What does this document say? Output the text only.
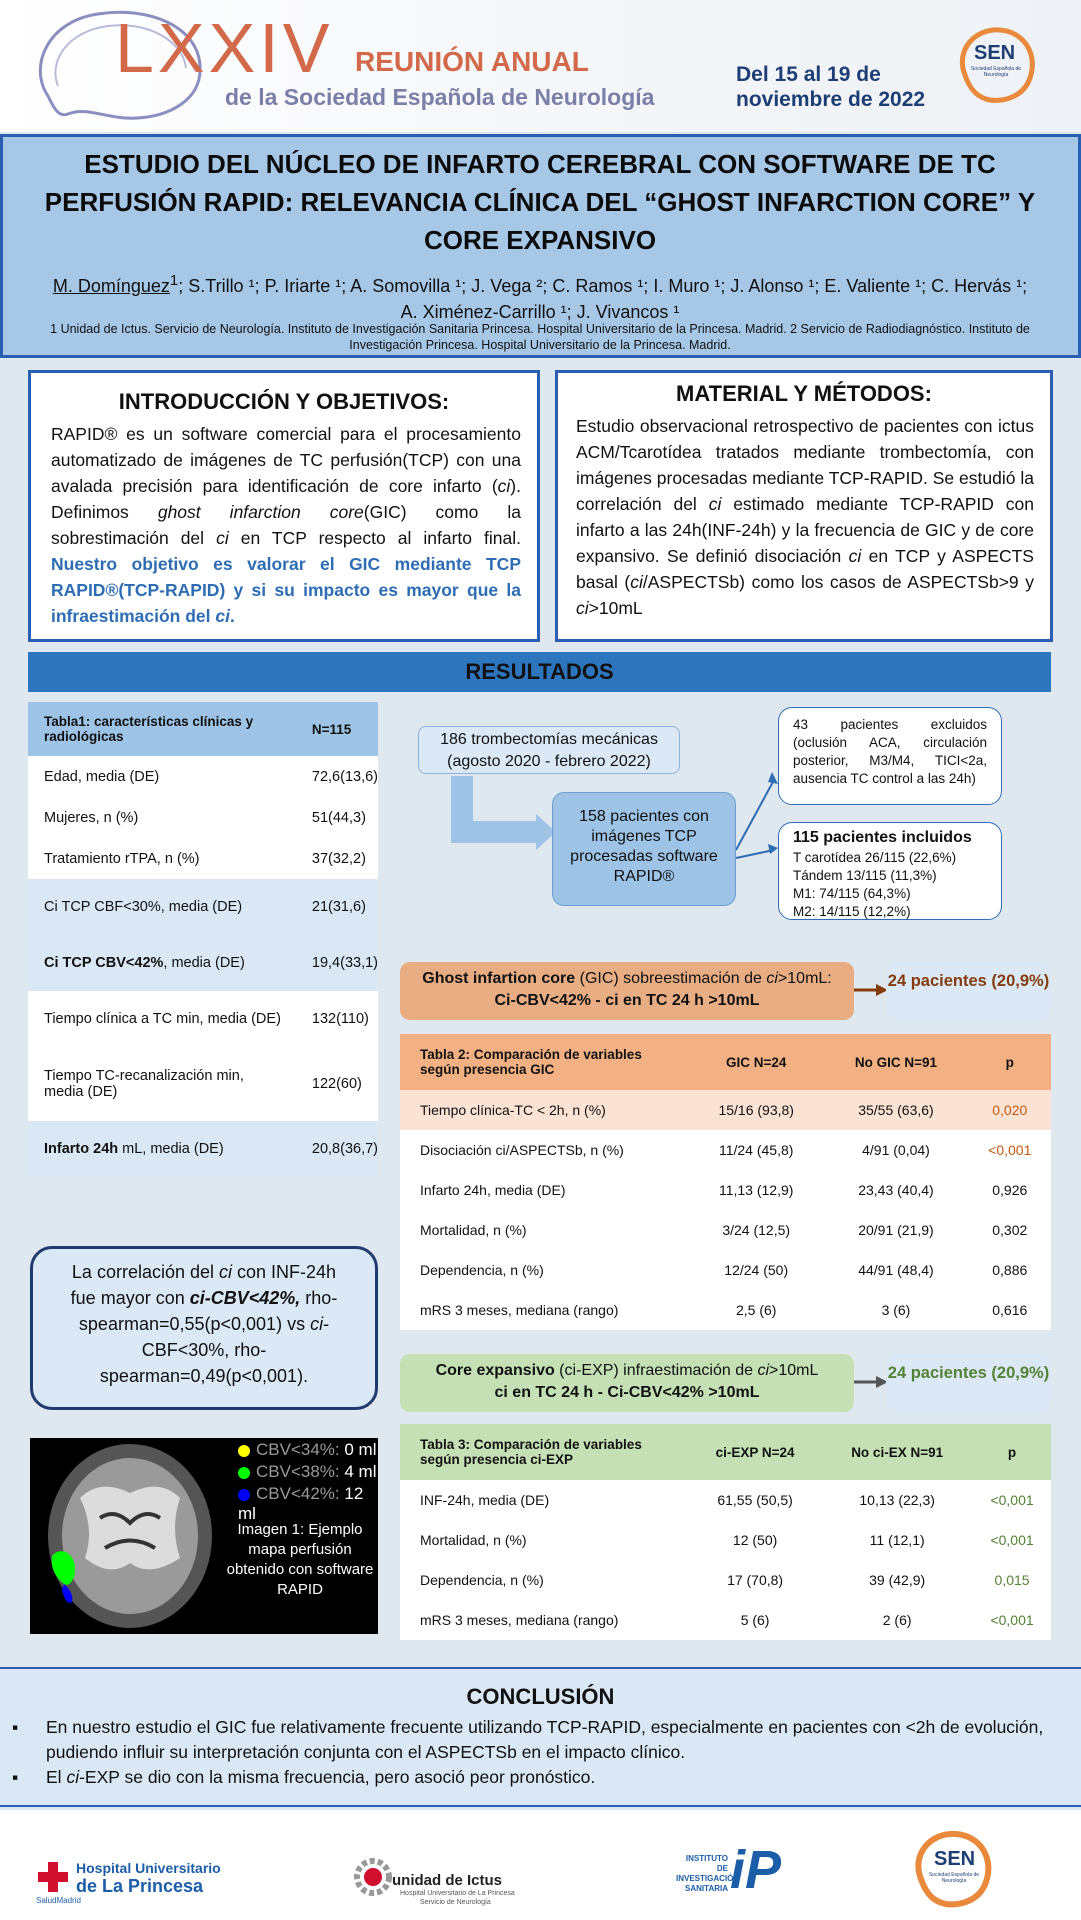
LXXIV REUNIÓN ANUAL
de la Sociedad Española de Neurología
Del 15 al 19 de
noviembre de 2022
SEN
Sociedad Española de Neurología
ESTUDIO DEL NÚCLEO DE INFARTO CEREBRAL CON SOFTWARE DE TC
PERFUSIÓN RAPID: RELEVANCIA CLÍNICA DEL “GHOST INFARCTION CORE” Y
CORE EXPANSIVO
M. Domínguez$^1$; S.Trillo ¹; P. Iriarte ¹; A. Somovilla ¹; J. Vega ²; C. Ramos ¹; I. Muro ¹; J. Alonso ¹; E. Valiente ¹; C. Hervás ¹;
A. Ximénez-Carrillo ¹; J. Vivancos ¹
1 Unidad de Ictus. Servicio de Neurología. Instituto de Investigación Sanitaria Princesa. Hospital Universitario de la Princesa. Madrid. 2 Servicio de Radiodiagnóstico. Instituto de Investigación Princesa. Hospital Universitario de la Princesa. Madrid.
INTRODUCCIÓN Y OBJETIVOS:
RAPID® es un software comercial para el procesamiento automatizado de imágenes de TC perfusión(TCP) con una avalada precisión para identificación de core infarto (ci). Definimos ghost infarction core(GIC) como la sobrestimación del ci en TCP respecto al infarto final. Nuestro objetivo es valorar el GIC mediante TCP RAPID®(TCP-RAPID) y si su impacto es mayor que la infraestimación del ci.
MATERIAL Y MÉTODOS:
Estudio observacional retrospectivo de pacientes con ictus ACM/Tcarotídea tratados mediante trombectomía, con imágenes procesadas mediante TCP-RAPID. Se estudió la correlación del ci estimado mediante TCP-RAPID con infarto a las 24h(INF-24h) y la frecuencia de GIC y de core expansivo. Se definió disociación ci en TCP y ASPECTS basal (ci/ASPECTSb) como los casos de ASPECTSb>9 y ci>10mL
RESULTADOS
Tabla1: características clínicas y radiológicas	N=115
Edad, media (DE)	72,6(13,6)
Mujeres, n (%)	51(44,3)
Tratamiento rTPA, n (%)	37(32,2)
Ci TCP CBF<30%, media (DE)	21(31,6)
Ci TCP CBV<42%, media (DE)	19,4(33,1)
Tiempo clínica a TC min, media (DE)	132(110)
Tiempo TC-recanalización min, media (DE)	122(60)
Infarto 24h mL, media (DE)	20,8(36,7)
La correlación del ci con INF-24h fue mayor con ci-CBV<42%, rho-spearman=0,55(p<0,001) vs ci-CBF<30%, rho-spearman=0,49(p<0,001).
CBV<34%: 0 ml
CBV<38%: 4 ml
CBV<42%: 12 ml
Imagen 1: Ejemplo mapa perfusión obtenido con software RAPID
186 trombectomías mecánicas (agosto 2020 - febrero 2022)
158 pacientes con imágenes TCP procesadas software RAPID®
43 pacientes excluidos (oclusión ACA, circulación posterior, M3/M4, TICI<2a, ausencia TC control a las 24h)
115 pacientes incluidos
T carotídea 26/115 (22,6%)
Tándem 13/115 (11,3%)
M1: 74/115 (64,3%)
M2: 14/115 (12,2%)
Ghost infartion core (GIC) sobreestimación de ci>10mL:
Ci-CBV<42% - ci en TC 24 h >10mL
24 pacientes (20,9%)
Tabla 2: Comparación de variables según presencia GIC	GIC N=24	No GIC N=91	p
Tiempo clínica-TC < 2h, n (%)	15/16 (93,8)	35/55 (63,6)	0,020
Disociación ci/ASPECTSb, n (%)	11/24 (45,8)	4/91 (0,04)	<0,001
Infarto 24h, media (DE)	11,13 (12,9)	23,43 (40,4)	0,926
Mortalidad, n (%)	3/24 (12,5)	20/91 (21,9)	0,302
Dependencia, n (%)	12/24 (50)	44/91 (48,4)	0,886
mRS 3 meses, mediana (rango)	2,5 (6)	3 (6)	0,616
Core expansivo (ci-EXP) infraestimación de ci>10mL
ci en TC 24 h - Ci-CBV<42% >10mL
24 pacientes (20,9%)
Tabla 3: Comparación de variables según presencia ci-EXP	ci-EXP N=24	No ci-EX N=91	p
INF-24h, media (DE)	61,55 (50,5)	10,13 (22,3)	<0,001
Mortalidad, n (%)	12 (50)	11 (12,1)	<0,001
Dependencia, n (%)	17 (70,8)	39 (42,9)	0,015
mRS 3 meses, mediana (rango)	5 (6)	2 (6)	<0,001
CONCLUSIÓN
▪ En nuestro estudio el GIC fue relativamente frecuente utilizando TCP-RAPID, especialmente en pacientes con <2h de evolución, pudiendo influir su interpretación conjunta con el ASPECTSb en el impacto clínico.
▪ El ci-EXP se dio con la misma frecuencia, pero asoció peor pronóstico.
Hospital Universitario
de La Princesa
SaludMadrid
unidad de Ictus
Hospital Universitario de La Princesa
Servicio de Neurología
INSTITUTO DE
INVESTIGACIÓN
SANITARIA iP	SEN
Sociedad Española de Neurología
